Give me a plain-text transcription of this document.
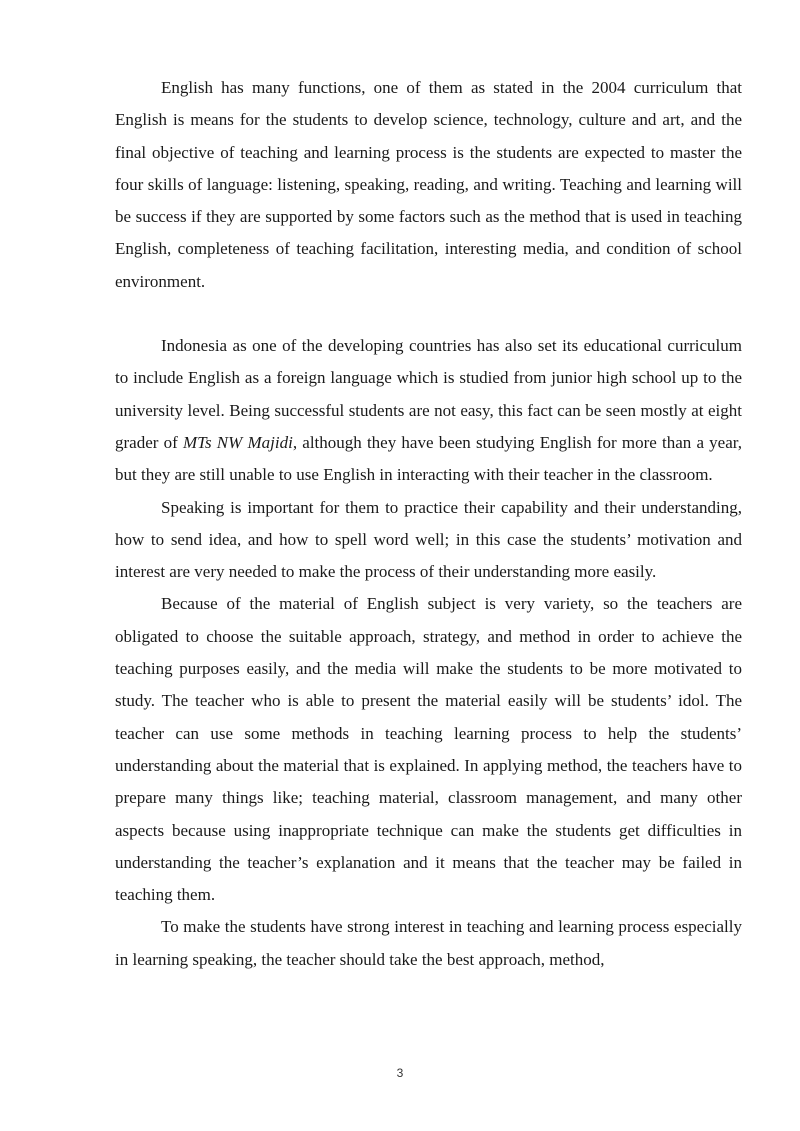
English has many functions, one of them as stated in the 2004 curriculum that English is means for the students to develop science, technology, culture and art, and the final objective of teaching and learning process is the students are expected to master the four skills of language: listening, speaking, reading, and writing. Teaching and learning will be success if they are supported by some factors such as the method that is used in teaching English, completeness of teaching facilitation, interesting media, and condition of school environment.

Indonesia as one of the developing countries has also set its educational curriculum to include English as a foreign language which is studied from junior high school up to the university level. Being successful students are not easy, this fact can be seen mostly at eight grader of MTs NW Majidi, although they have been studying English for more than a year, but they are still unable to use English in interacting with their teacher in the classroom.

Speaking is important for them to practice their capability and their understanding, how to send idea, and how to spell word well; in this case the students’ motivation and interest are very needed to make the process of their understanding more easily.

Because of the material of English subject is very variety, so the teachers are obligated to choose the suitable approach, strategy, and method in order to achieve the teaching purposes easily, and the media will make the students to be more motivated to study. The teacher who is able to present the material easily will be students’ idol. The teacher can use some methods in teaching learning process to help the students’ understanding about the material that is explained. In applying method, the teachers have to prepare many things like; teaching material, classroom management, and many other aspects because using inappropriate technique can make the students get difficulties in understanding the teacher’s explanation and it means that the teacher may be failed in teaching them.

To make the students have strong interest in teaching and learning process especially in learning speaking, the teacher should take the best approach, method,

3
